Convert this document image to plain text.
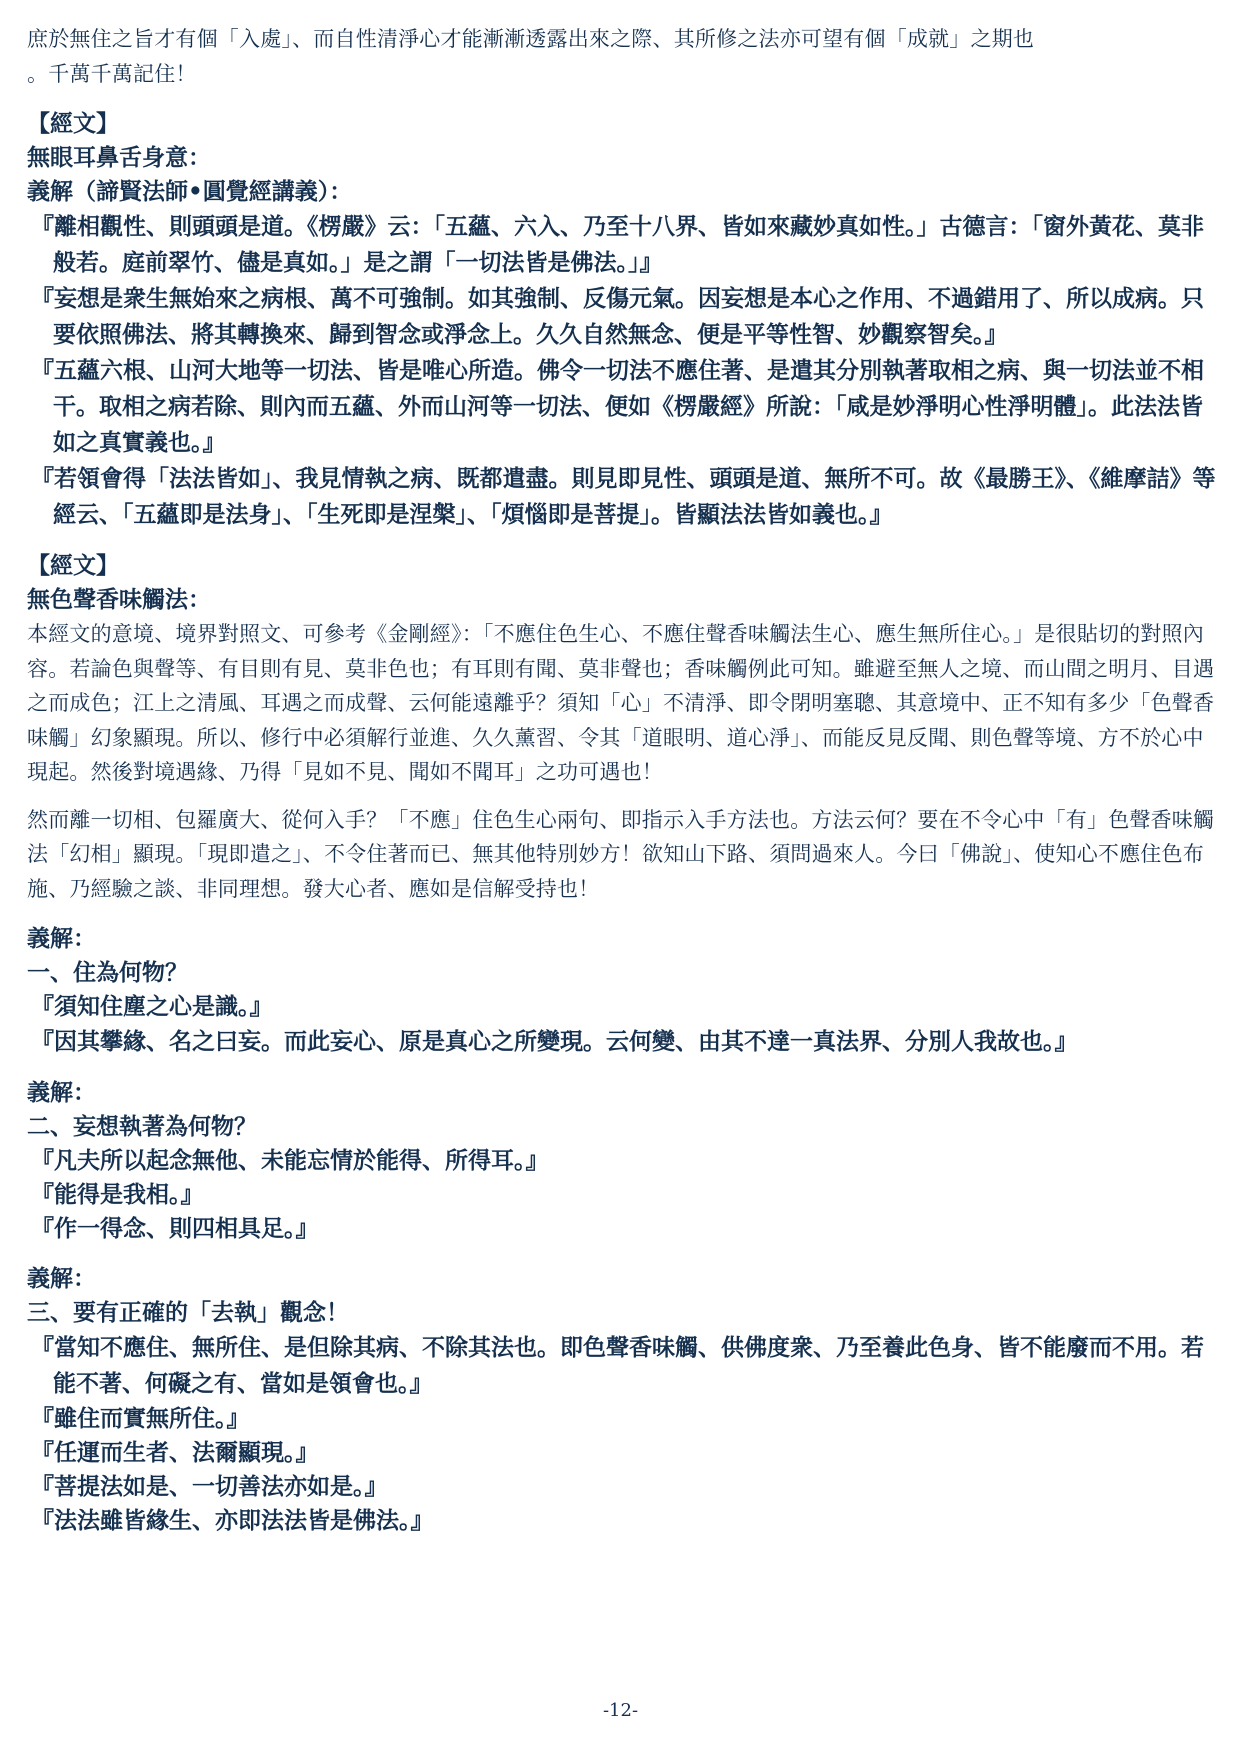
庶於無住之旨才有個「入處」、而自性清淨心才能漸漸透露出來之際、其所修之法亦可望有個「成就」之期也

。千萬千萬記住！

【經文】

無眼耳鼻舌身意：

義解（諦賢法師•圓覺經講義）：

『離相觀性、則頭頭是道。《楞嚴》云：「五蘊、六入、乃至十八界、皆如來藏妙真如性。」古德言：「窗外黃花、莫非般若。庭前翠竹、儘是真如。」是之謂「一切法皆是佛法。」』

『妄想是衆生無始來之病根、萬不可強制。如其強制、反傷元氣。因妄想是本心之作用、不過錯用了、所以成病。只要依照佛法、將其轉換來、歸到智念或淨念上。久久自然無念、便是平等性智、妙觀察智矣。』

『五蘊六根、山河大地等一切法、皆是唯心所造。佛令一切法不應住著、是遣其分別執著取相之病、與一切法並不相干。取相之病若除、則內而五蘊、外而山河等一切法、便如《楞嚴經》所說：「咸是妙淨明心性淨明體」。此法法皆如之真實義也。』

『若領會得「法法皆如」、我見情執之病、既都遣盡。則見即見性、頭頭是道、無所不可。故《最勝王》、《維摩詰》等經云、「五蘊即是法身」、「生死即是涅槃」、「煩惱即是菩提」。皆顯法法皆如義也。』

【經文】

無色聲香味觸法：

本經文的意境、境界對照文、可參考《金剛經》：「不應住色生心、不應住聲香味觸法生心、應生無所住心。」是很貼切的對照內容。若論色與聲等、有目則有見、莫非色也；有耳則有聞、莫非聲也；香味觸例此可知。雖避至無人之境、而山間之明月、目遇之而成色；江上之清風、耳遇之而成聲、云何能遠離乎？須知「心」不清淨、即令閉明塞聰、其意境中、正不知有多少「色聲香味觸」幻象顯現。所以、修行中必須解行並進、久久薰習、令其「道眼明、道心淨」、而能反見反聞、則色聲等境、方不於心中現起。然後對境遇緣、乃得「見如不見、聞如不聞耳」之功可遇也！

然而離一切相、包羅廣大、從何入手？「不應」住色生心兩句、即指示入手方法也。方法云何？要在不令心中「有」色聲香味觸法「幻相」顯現。「現即遣之」、不令住著而已、無其他特別妙方！欲知山下路、須問過來人。今曰「佛說」、使知心不應住色布施、乃經驗之談、非同理想。發大心者、應如是信解受持也！

義解：

一、住為何物？

『須知住塵之心是識。』

『因其攀緣、名之曰妄。而此妄心、原是真心之所變現。云何變、由其不達一真法界、分別人我故也。』

義解：

二、妄想執著為何物？

『凡夫所以起念無他、未能忘情於能得、所得耳。』

『能得是我相。』

『作一得念、則四相具足。』

義解：

三、要有正確的「去執」觀念！

『當知不應住、無所住、是但除其病、不除其法也。即色聲香味觸、供佛度衆、乃至養此色身、皆不能廢而不用。若能不著、何礙之有、當如是領會也。』

『雖住而實無所住。』

『任運而生者、法爾顯現。』

『菩提法如是、一切善法亦如是。』

『法法雖皆緣生、亦即法法皆是佛法。』

-12-
